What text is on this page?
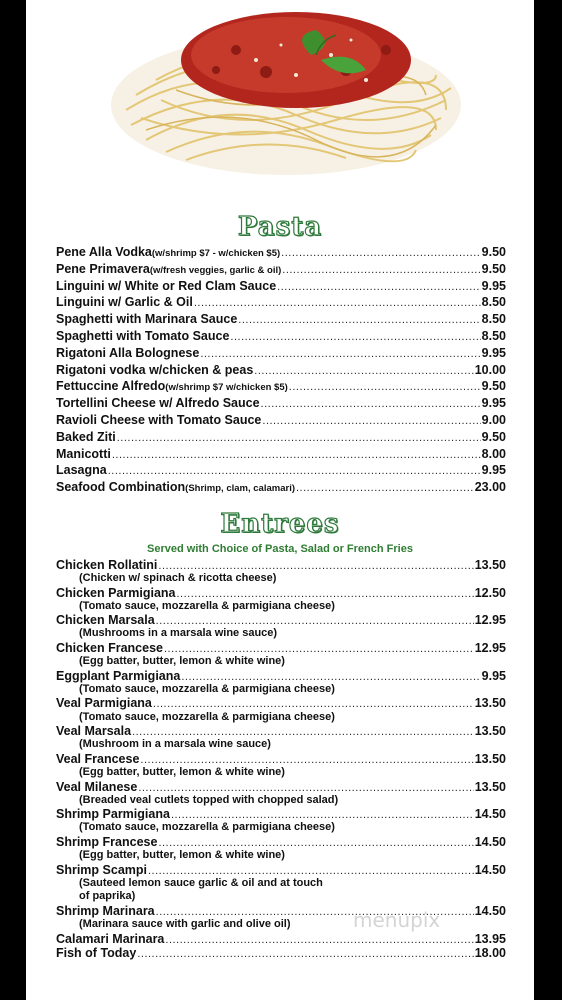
Pasta
Pene Alla Vodka (w/shrimp $7 - w/chicken $5) .....	9.50
Pene Primavera (w/fresh veggies, garlic & oil) .....	9.50
Linguini w/ White or Red Clam Sauce .....	9.95
Linguini w/ Garlic & Oil .....	8.50
Spaghetti with Marinara Sauce .....	8.50
Spaghetti with Tomato Sauce .....	8.50
Rigatoni Alla Bolognese .....	9.95
Rigatoni vodka w/chicken & peas .....	10.00
Fettuccine Alfredo (w/shrimp $7 w/chicken $5) .....	9.50
Tortellini Cheese w/ Alfredo Sauce .....	9.95
Ravioli Cheese with Tomato Sauce .....	9.00
Baked Ziti .....	9.50
Manicotti .....	8.00
Lasagna .....	9.95
Seafood Combination (Shrimp, clam, calamari) .....	23.00
Entrees
Served with Choice of Pasta, Salad or French Fries
Chicken Rollatini .....	13.50
(Chicken w/ spinach & ricotta cheese)
Chicken Parmigiana .....	12.50
(Tomato sauce, mozzarella & parmigiana cheese)
Chicken Marsala .....	12.95
(Mushrooms in a marsala wine sauce)
Chicken Francese .....	12.95
(Egg batter, butter, lemon & white wine)
Eggplant Parmigiana .....	9.95
(Tomato sauce, mozzarella & parmigiana cheese)
Veal Parmigiana .....	13.50
(Tomato sauce, mozzarella & parmigiana cheese)
Veal Marsala .....	13.50
(Mushroom in a marsala wine sauce)
Veal Francese .....	13.50
(Egg batter, butter, lemon & white wine)
Veal Milanese .....	13.50
(Breaded veal cutlets topped with chopped salad)
Shrimp Parmigiana .....	14.50
(Tomato sauce, mozzarella & parmigiana cheese)
Shrimp Francese .....	14.50
(Egg batter, butter, lemon & white wine)
Shrimp Scampi .....	14.50
(Sauteed lemon sauce garlic & oil and at touch
of paprika)
Shrimp Marinara .....	14.50
(Marinara sauce with garlic and olive oil)
Calamari Marinara .....	13.95
Fish of Today .....	18.00
menupix
